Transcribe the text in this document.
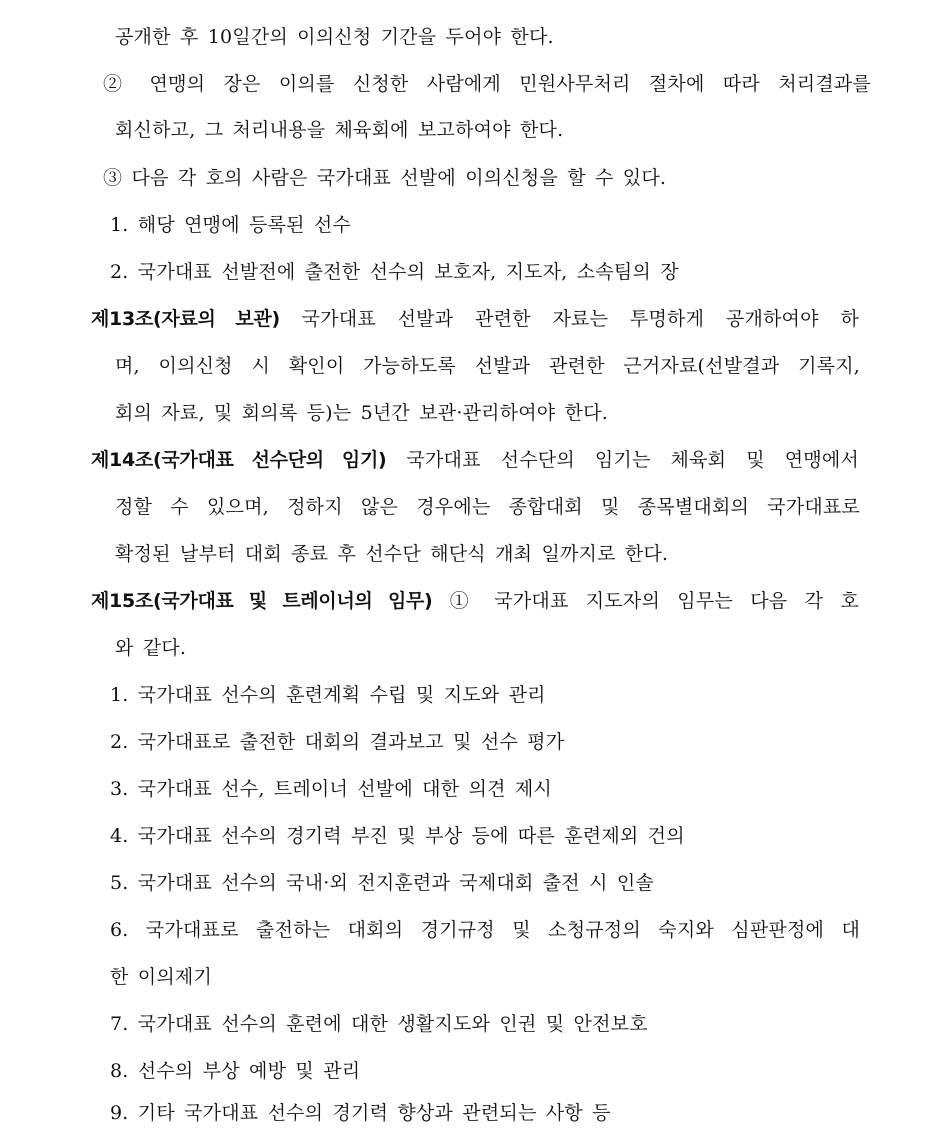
공개한 후 10일간의 이의신청 기간을 두어야 한다.
② 연맹의 장은 이의를 신청한 사람에게 민원사무처리 절차에 따라 처리결과를
회신하고, 그 처리내용을 체육회에 보고하여야 한다.
③ 다음 각 호의 사람은 국가대표 선발에 이의신청을 할 수 있다.
1. 해당 연맹에 등록된 선수
2. 국가대표 선발전에 출전한 선수의 보호자, 지도자, 소속팀의 장
제13조(자료의 보관) 국가대표 선발과 관련한 자료는 투명하게 공개하여야 하
며, 이의신청 시 확인이 가능하도록 선발과 관련한 근거자료(선발결과 기록지,
회의 자료, 및 회의록 등)는 5년간 보관·관리하여야 한다.
제14조(국가대표 선수단의 임기) 국가대표 선수단의 임기는 체육회 및 연맹에서
정할 수 있으며, 정하지 않은 경우에는 종합대회 및 종목별대회의 국가대표로
확정된 날부터 대회 종료 후 선수단 해단식 개최 일까지로 한다.
제15조(국가대표 및 트레이너의 임무) ① 국가대표 지도자의 임무는 다음 각 호
와 같다.
1. 국가대표 선수의 훈련계획 수립 및 지도와 관리
2. 국가대표로 출전한 대회의 결과보고 및 선수 평가
3. 국가대표 선수, 트레이너 선발에 대한 의견 제시
4. 국가대표 선수의 경기력 부진 및 부상 등에 따른 훈련제외 건의
5. 국가대표 선수의 국내·외 전지훈련과 국제대회 출전 시 인솔
6. 국가대표로 출전하는 대회의 경기규정 및 소청규정의 숙지와 심판판정에 대
한 이의제기
7. 국가대표 선수의 훈련에 대한 생활지도와 인권 및 안전보호
8. 선수의 부상 예방 및 관리
9. 기타 국가대표 선수의 경기력 향상과 관련되는 사항 등
